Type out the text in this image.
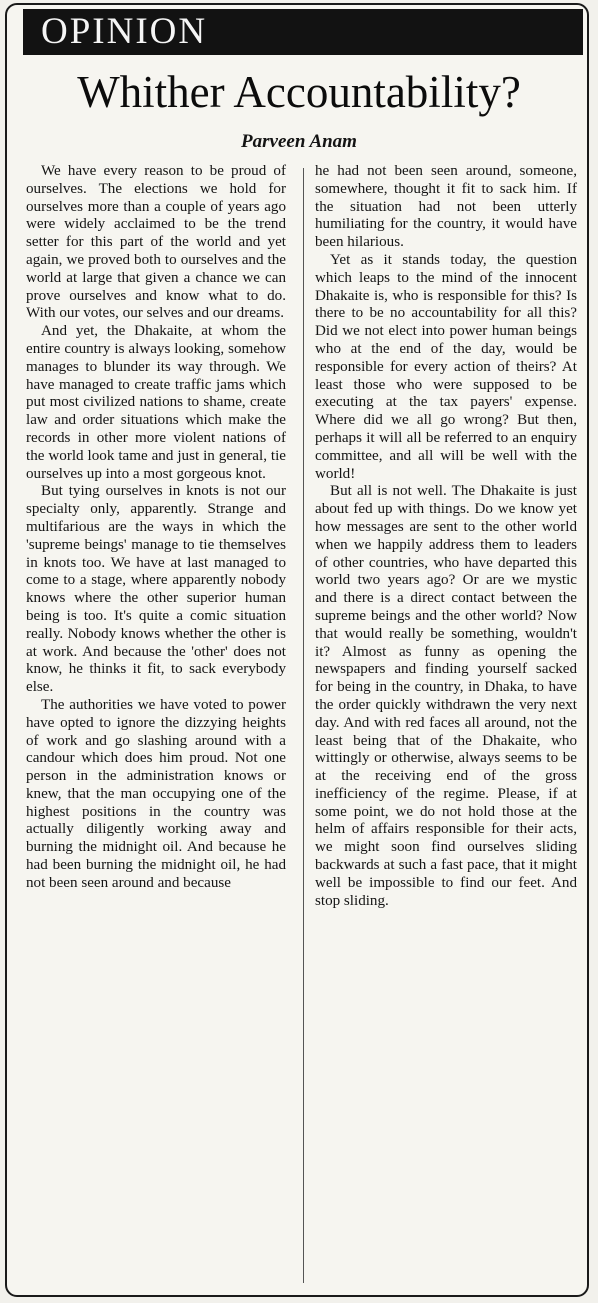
OPINION
Whither Accountability?
Parveen Anam

We have every reason to be proud of ourselves. The elections we hold for ourselves more than a couple of years ago were widely acclaimed to be the trend setter for this part of the world and yet again, we proved both to ourselves and the world at large that given a chance we can prove ourselves and know what to do. With our votes, our selves and our dreams.

And yet, the Dhakaite, at whom the entire country is always looking, somehow manages to blunder its way through. We have managed to create traffic jams which put most civilized nations to shame, create law and order situations which make the records in other more violent nations of the world look tame and just in general, tie ourselves up into a most gorgeous knot.

But tying ourselves in knots is not our specialty only, apparently. Strange and multifarious are the ways in which the 'supreme beings' manage to tie themselves in knots too. We have at last managed to come to a stage, where apparently nobody knows where the other superior human being is too. It's quite a comic situation really. Nobody knows whether the other is at work. And because the 'other' does not know, he thinks it fit, to sack everybody else.

The authorities we have voted to power have opted to ignore the dizzying heights of work and go slashing around with a candour which does him proud. Not one person in the administration knows or knew, that the man occupying one of the highest positions in the country was actually diligently working away and burning the midnight oil. And because he had been burning the midnight oil, he had not been seen around and because

he had not been seen around, someone, somewhere, thought it fit to sack him. If the situation had not been utterly humiliating for the country, it would have been hilarious.

Yet as it stands today, the question which leaps to the mind of the innocent Dhakaite is, who is responsible for this? Is there to be no accountability for all this? Did we not elect into power human beings who at the end of the day, would be responsible for every action of theirs? At least those who were supposed to be executing at the tax payers' expense. Where did we all go wrong? But then, perhaps it will all be referred to an enquiry committee, and all will be well with the world!

But all is not well. The Dhakaite is just about fed up with things. Do we know yet how messages are sent to the other world when we happily address them to leaders of other countries, who have departed this world two years ago? Or are we mystic and there is a direct contact between the supreme beings and the other world? Now that would really be something, wouldn't it? Almost as funny as opening the newspapers and finding yourself sacked for being in the country, in Dhaka, to have the order quickly withdrawn the very next day. And with red faces all around, not the least being that of the Dhakaite, who wittingly or otherwise, always seems to be at the receiving end of the gross inefficiency of the regime. Please, if at some point, we do not hold those at the helm of affairs responsible for their acts, we might soon find ourselves sliding backwards at such a fast pace, that it might well be impossible to find our feet. And stop sliding.
